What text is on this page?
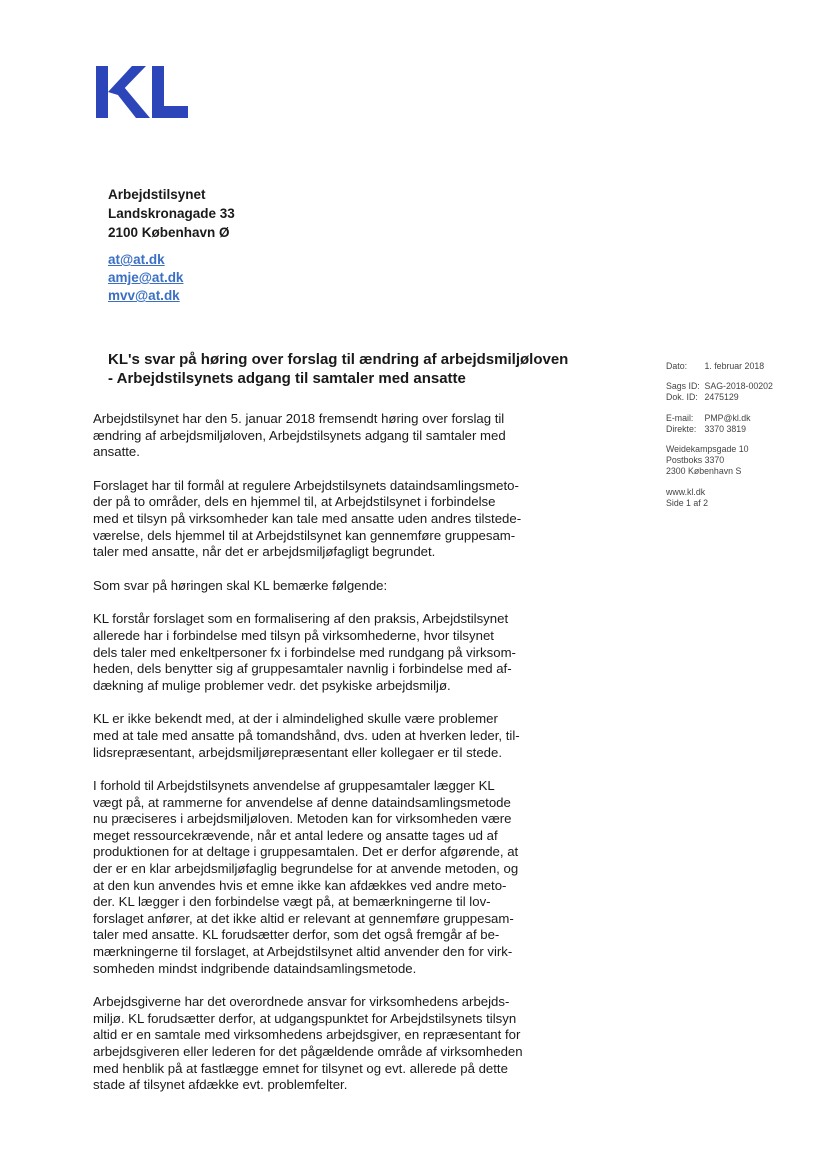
Arbejdstilsynet
Landskronagade 33
2100 København Ø
at@at.dk
amje@at.dk
mvv@at.dk
KL's svar på høring over forslag til ændring af arbejdsmiljøloven
- Arbejdstilsynets adgang til samtaler med ansatte
Dato: 1. februar 2018
Sags ID: SAG-2018-00202
Dok. ID: 2475129
E-mail: PMP@kl.dk
Direkte: 3370 3819
Weidekampsgade 10
Postboks 3370
2300 København S
www.kl.dk
Side 1 af 2

Arbejdstilsynet har den 5. januar 2018 fremsendt høring over forslag til
ændring af arbejdsmiljøloven, Arbejdstilsynets adgang til samtaler med
ansatte.

Forslaget har til formål at regulere Arbejdstilsynets dataindsamlingsmeto-
der på to områder, dels en hjemmel til, at Arbejdstilsynet i forbindelse
med et tilsyn på virksomheder kan tale med ansatte uden andres tilstede-
værelse, dels hjemmel til at Arbejdstilsynet kan gennemføre gruppesam-
taler med ansatte, når det er arbejdsmiljøfagligt begrundet.

Som svar på høringen skal KL bemærke følgende:

KL forstår forslaget som en formalisering af den praksis, Arbejdstilsynet
allerede har i forbindelse med tilsyn på virksomhederne, hvor tilsynet
dels taler med enkeltpersoner fx i forbindelse med rundgang på virksom-
heden, dels benytter sig af gruppesamtaler navnlig i forbindelse med af-
dækning af mulige problemer vedr. det psykiske arbejdsmiljø.

KL er ikke bekendt med, at der i almindelighed skulle være problemer
med at tale med ansatte på tomandshånd, dvs. uden at hverken leder, til-
lidsrepræsentant, arbejdsmiljørepræsentant eller kollegaer er til stede.

I forhold til Arbejdstilsynets anvendelse af gruppesamtaler lægger KL
vægt på, at rammerne for anvendelse af denne dataindsamlingsmetode
nu præciseres i arbejdsmiljøloven. Metoden kan for virksomheden være
meget ressourcekrævende, når et antal ledere og ansatte tages ud af
produktionen for at deltage i gruppesamtalen. Det er derfor afgørende, at
der er en klar arbejdsmiljøfaglig begrundelse for at anvende metoden, og
at den kun anvendes hvis et emne ikke kan afdækkes ved andre meto-
der. KL lægger i den forbindelse vægt på, at bemærkningerne til lov-
forslaget anfører, at det ikke altid er relevant at gennemføre gruppesam-
taler med ansatte. KL forudsætter derfor, som det også fremgår af be-
mærkningerne til forslaget, at Arbejdstilsynet altid anvender den for virk-
somheden mindst indgribende dataindsamlingsmetode.

Arbejdsgiverne har det overordnede ansvar for virksomhedens arbejds-
miljø. KL forudsætter derfor, at udgangspunktet for Arbejdstilsynets tilsyn
altid er en samtale med virksomhedens arbejdsgiver, en repræsentant for
arbejdsgiveren eller lederen for det pågældende område af virksomheden
med henblik på at fastlægge emnet for tilsynet og evt. allerede på dette
stade af tilsynet afdække evt. problemfelter.
